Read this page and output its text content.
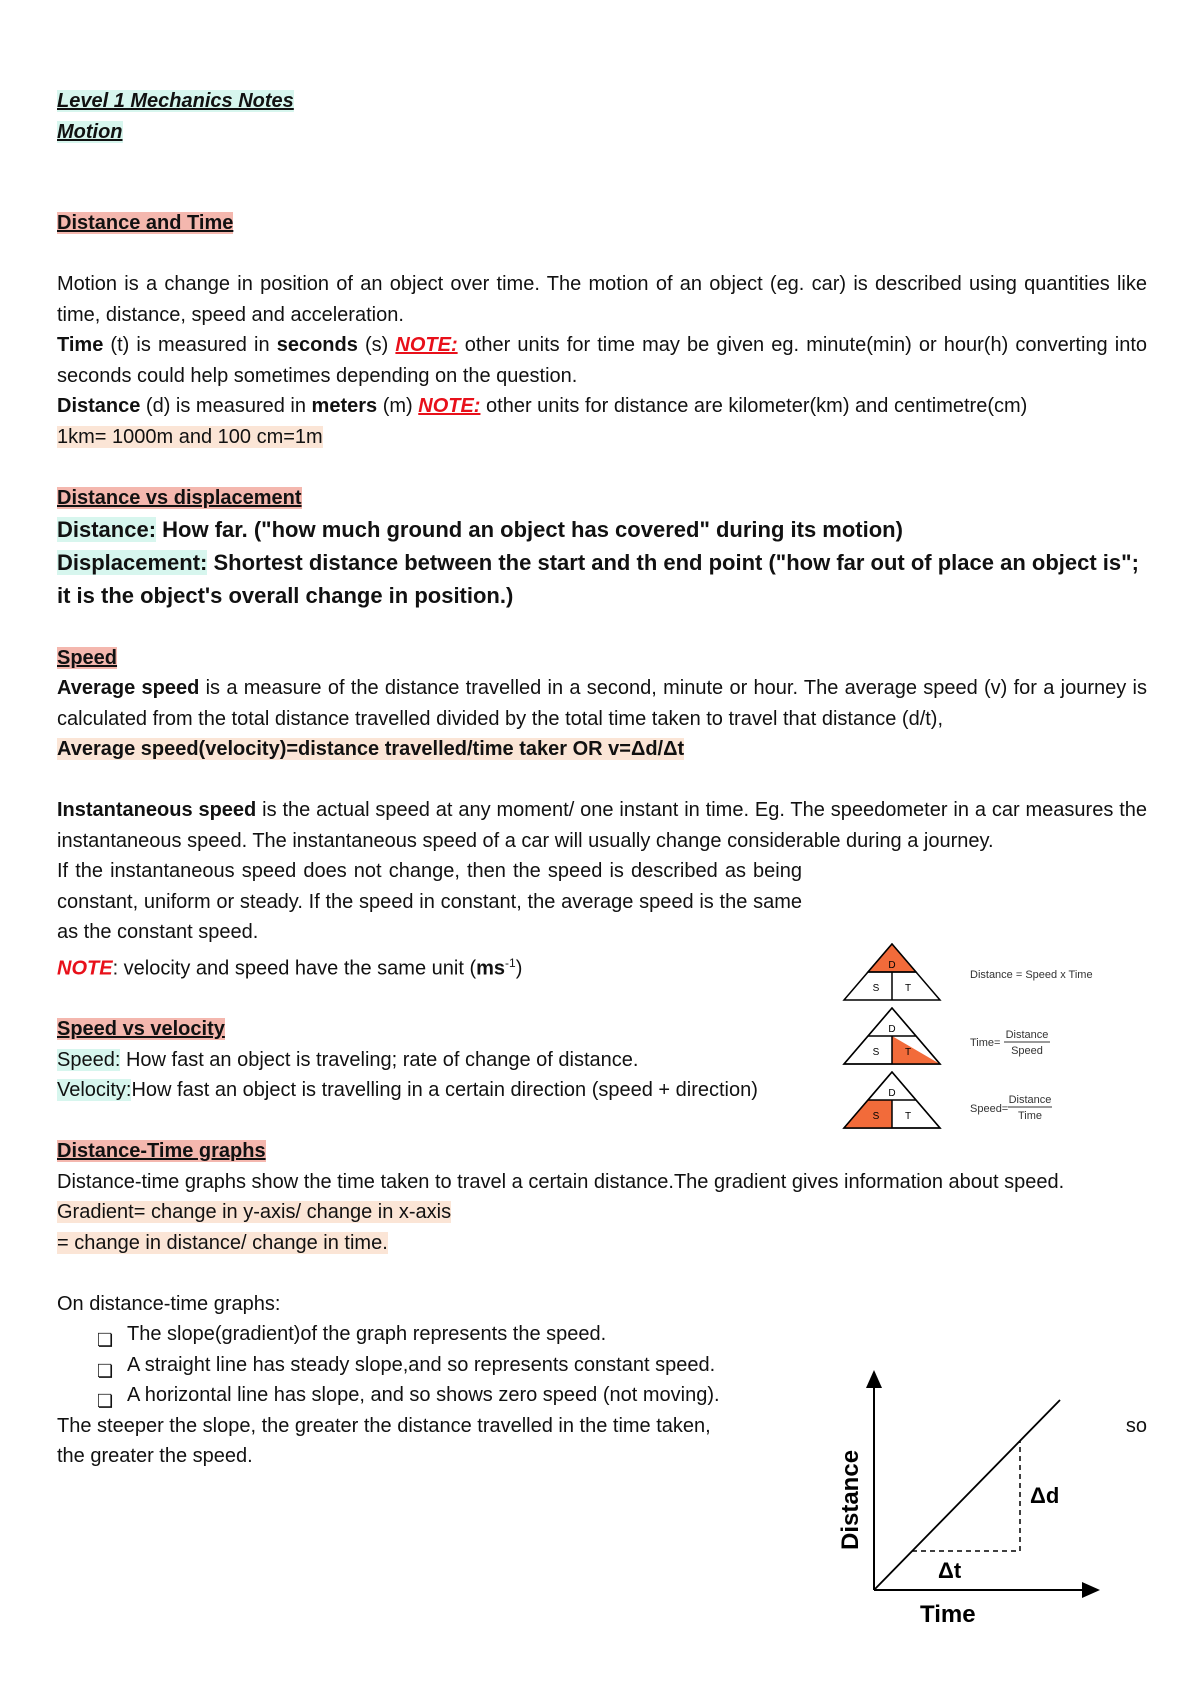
Level 1 Mechanics Notes

Motion

Distance and Time

Motion is a change in position of an object over time. The motion of an object (eg. car) is described using quantities like time, distance, speed and acceleration.

Time (t) is measured in seconds (s) NOTE: other units for time may be given eg. minute(min) or hour(h) converting into seconds could help sometimes depending on the question.

Distance (d) is measured in meters (m) NOTE: other units for distance are kilometer(km) and centimetre(cm)

1km= 1000m and 100 cm=1m

Distance vs displacement

Distance: How far. ("how much ground an object has covered" during its motion)

Displacement: Shortest distance between the start and th end point ("how far out of place an object is"; it is the object's overall change in position.)

Speed

Average speed is a measure of the distance travelled in a second, minute or hour. The average speed (v) for a journey is calculated from the total distance travelled divided by the total time taken to travel that distance (d/t),

Average speed(velocity)=distance travelled/time taker OR v=Δd/Δt

Instantaneous speed is the actual speed at any moment/ one instant in time. Eg. The speedometer in a car measures the instantaneous speed. The instantaneous speed of a car will usually change considerable during a journey.

If the instantaneous speed does not change, then the speed is described as being constant, uniform or steady. If the speed in constant, the average speed is the same as the constant speed.

NOTE: velocity and speed have the same unit $(ms^{-1})$

Speed vs velocity

Speed: How fast an object is traveling; rate of change of distance.

Velocity:How fast an object is travelling in a certain direction (speed + direction)

Distance-Time graphs

Distance-time graphs show the time taken to travel a certain distance.The gradient gives information about speed.

Gradient= change in y-axis/ change in x-axis

= change in distance/ change in time.

On distance-time graphs:

❏ The slope(gradient)of the graph represents the speed.
❏ A straight line has steady slope,and so represents constant speed.
❏ A horizontal line has slope, and so shows zero speed (not moving).

The steeper the slope, the greater the distance travelled in the time taken,	so

the greater the speed.

D
S	T
Distance = Speed x Time
D
S	T
Time=
Distance
Speed
D
S	T
Speed=
Distance
Time
Δd
Δt
Time
Distance
